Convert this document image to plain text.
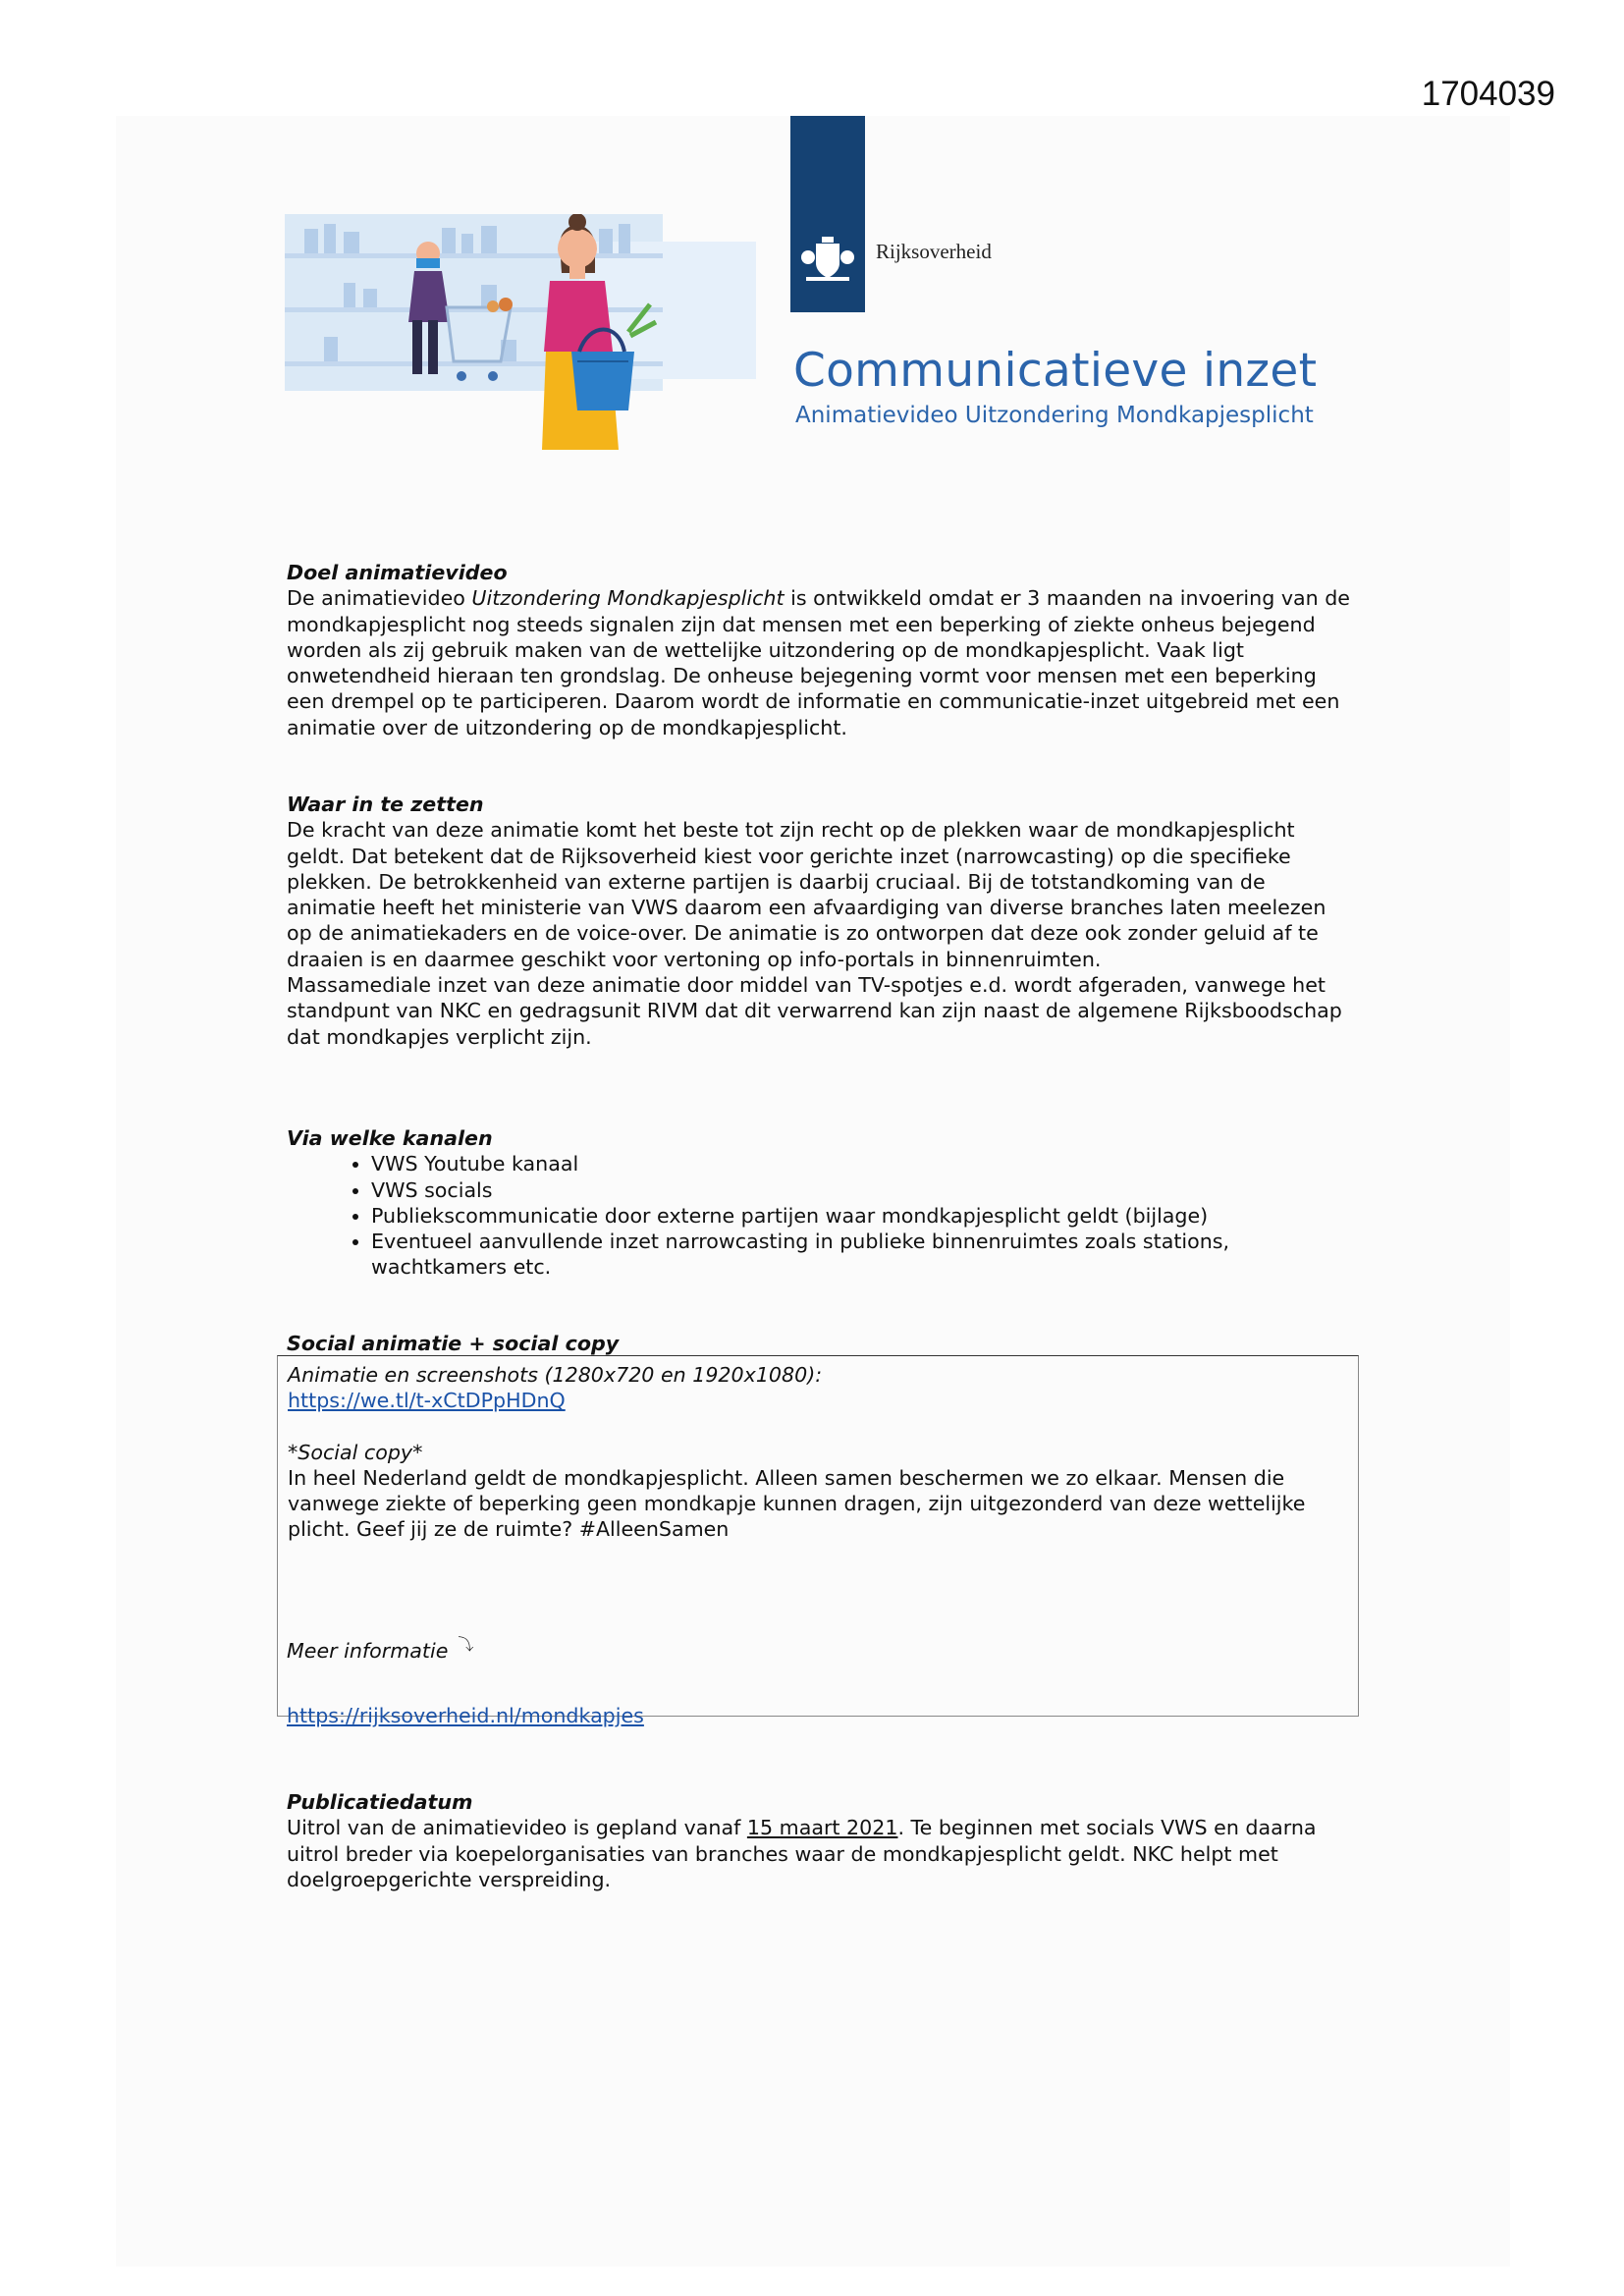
1704039
Rijksoverheid
Communicatieve inzet
Animatievideo Uitzondering Mondkapjesplicht

Doel animatievideo

De animatievideo Uitzondering Mondkapjesplicht is ontwikkeld omdat er 3 maanden na invoering van de mondkapjesplicht nog steeds signalen zijn dat mensen met een beperking of ziekte onheus bejegend worden als zij gebruik maken van de wettelijke uitzondering op de mondkapjesplicht. Vaak ligt onwetendheid hieraan ten grondslag. De onheuse bejegening vormt voor mensen met een beperking een drempel op te participeren. Daarom wordt de informatie en communicatie-inzet uitgebreid met een animatie over de uitzondering op de mondkapjesplicht.

Waar in te zetten

De kracht van deze animatie komt het beste tot zijn recht op de plekken waar de mondkapjesplicht geldt. Dat betekent dat de Rijksoverheid kiest voor gerichte inzet (narrowcasting) op die specifieke plekken. De betrokkenheid van externe partijen is daarbij cruciaal. Bij de totstandkoming van de animatie heeft het ministerie van VWS daarom een afvaardiging van diverse branches laten meelezen op de animatiekaders en de voice-over. De animatie is zo ontworpen dat deze ook zonder geluid af te draaien is en daarmee geschikt voor vertoning op info-portals in binnenruimten.

Massamediale inzet van deze animatie door middel van TV-spotjes e.d. wordt afgeraden, vanwege het standpunt van NKC en gedragsunit RIVM dat dit verwarrend kan zijn naast de algemene Rijksboodschap dat mondkapjes verplicht zijn.

Via welke kanalen

• VWS Youtube kanaal
• VWS socials
• Publiekscommunicatie door externe partijen waar mondkapjesplicht geldt (bijlage)
• Eventueel aanvullende inzet narrowcasting in publieke binnenruimtes zoals stations, wachtkamers etc.
Social animatie + social copy

Animatie en screenshots (1280x720 en 1920x1080):

https://we.tl/t-xCtDPpHDnQ

*Social copy*

In heel Nederland geldt de mondkapjesplicht. Alleen samen beschermen we zo elkaar. Mensen die vanwege ziekte of beperking geen mondkapje kunnen dragen, zijn uitgezonderd van deze wettelijke plicht. Geef jij ze de ruimte? #AlleenSamen

Meer informatie ⤵
https://rijksoverheid.nl/mondkapjes

Publicatiedatum

Uitrol van de animatievideo is gepland vanaf 15 maart 2021. Te beginnen met socials VWS en daarna uitrol breder via koepelorganisaties van branches waar de mondkapjesplicht geldt. NKC helpt met doelgroepgerichte verspreiding.
